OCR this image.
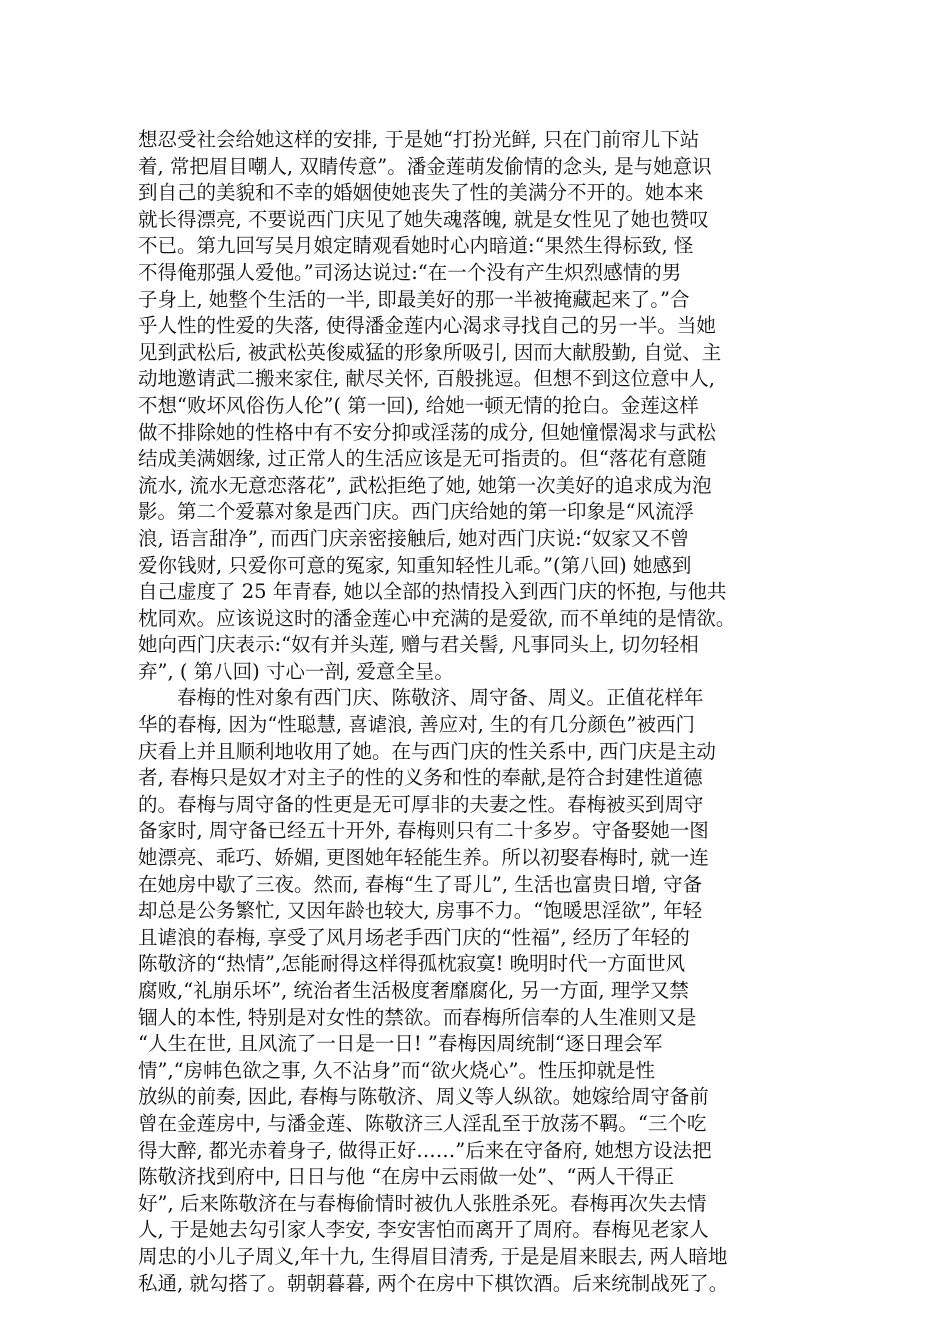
想忍受社会给她这样的安排, 于是她“打扮光鲜, 只在门前帘儿下站
着, 常把眉目嘲人, 双睛传意”。潘金莲萌发偷情的念头, 是与她意识
到自己的美貌和不幸的婚姻使她丧失了性的美满分不开的。她本来
就长得漂亮, 不要说西门庆见了她失魂落魄, 就是女性见了她也赞叹
不已。第九回写吴月娘定睛观看她时心内暗道:“果然生得标致, 怪
不得俺那强人爱他。”司汤达说过:“在一个没有产生炽烈感情的男
子身上, 她整个生活的一半, 即最美好的那一半被掩藏起来了。”合
乎人性的性爱的失落, 使得潘金莲内心渴求寻找自己的另一半。当她
见到武松后, 被武松英俊威猛的形象所吸引, 因而大献殷勤, 自觉、主
动地邀请武二搬来家住, 献尽关怀, 百般挑逗。但想不到这位意中人,
不想“败坏风俗伤人伦”( 第一回), 给她一顿无情的抢白。金莲这样
做不排除她的性格中有不安分抑或淫荡的成分, 但她憧憬渴求与武松
结成美满姻缘, 过正常人的生活应该是无可指责的。但“落花有意随
流水, 流水无意恋落花”, 武松拒绝了她, 她第一次美好的追求成为泡
影。第二个爱慕对象是西门庆。西门庆给她的第一印象是“风流浮
浪, 语言甜净”, 而西门庆亲密接触后, 她对西门庆说:“奴家又不曾
爱你钱财, 只爱你可意的冤家, 知重知轻性儿乖。”(第八回) 她感到
自己虚度了 25 年青春, 她以全部的热情投入到西门庆的怀抱, 与他共
枕同欢。应该说这时的潘金莲心中充满的是爱欲, 而不单纯的是情欲。
她向西门庆表示:“奴有并头莲, 赠与君关髻, 凡事同头上, 切勿轻相
弃”, ( 第八回) 寸心一剖, 爱意全呈。
春梅的性对象有西门庆、陈敬济、周守备、周义。正值花样年
华的春梅, 因为“性聪慧, 喜谑浪, 善应对, 生的有几分颜色”被西门
庆看上并且顺利地收用了她。在与西门庆的性关系中, 西门庆是主动
者, 春梅只是奴才对主子的性的义务和性的奉献,是符合封建性道德
的。春梅与周守备的性更是无可厚非的夫妻之性。春梅被买到周守
备家时, 周守备已经五十开外, 春梅则只有二十多岁。守备娶她一图
她漂亮、乖巧、娇媚, 更图她年轻能生养。所以初娶春梅时, 就一连
在她房中歇了三夜。然而, 春梅“生了哥儿”, 生活也富贵日增, 守备
却总是公务繁忙, 又因年龄也较大, 房事不力。“饱暖思淫欲”, 年轻
且谑浪的春梅, 享受了风月场老手西门庆的“性福”, 经历了年轻的
陈敬济的“热情”,怎能耐得这样得孤枕寂寞! 晚明时代一方面世风
腐败,“礼崩乐坏”, 统治者生活极度奢靡腐化, 另一方面, 理学又禁
锢人的本性, 特别是对女性的禁欲。而春梅所信奉的人生准则又是
“人生在世, 且风流了一日是一日! ”春梅因周统制“逐日理会军
情”,“房帏色欲之事, 久不沾身”而“欲火烧心”。性压抑就是性
放纵的前奏, 因此, 春梅与陈敬济、周义等人纵欲。她嫁给周守备前
曾在金莲房中, 与潘金莲、陈敬济三人淫乱至于放荡不羁。“三个吃
得大醉, 都光赤着身子, 做得正好……”后来在守备府, 她想方设法把
陈敬济找到府中, 日日与他 “在房中云雨做一处”、“两人干得正
好”, 后来陈敬济在与春梅偷情时被仇人张胜杀死。春梅再次失去情
人, 于是她去勾引家人李安, 李安害怕而离开了周府。春梅见老家人
周忠的小儿子周义,年十九, 生得眉目清秀, 于是是眉来眼去, 两人暗地
私通, 就勾搭了。朝朝暮暮, 两个在房中下棋饮酒。后来统制战死了。
